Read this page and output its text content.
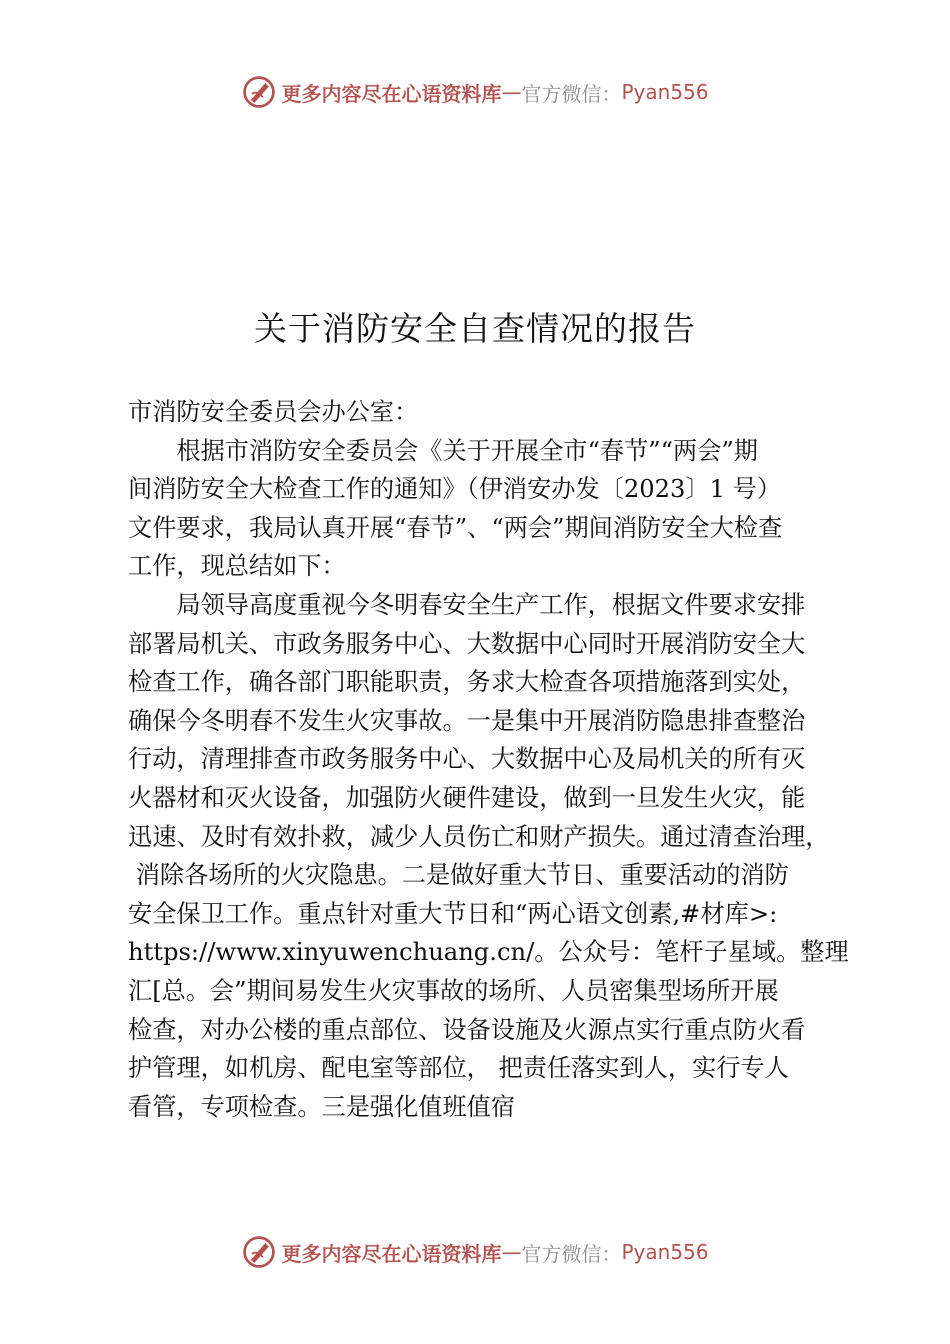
更多内容尽在心语资料库 — 官方微信： Pyan556
关于消防安全自查情况的报告
市消防安全委员会办公室：
　　根据市消防安全委员会《关于开展全市“春节”“两会”期
间消防安全大检查工作的通知》（伊消安办发〔2023〕1 号）
文件要求，我局认真开展“春节”、“两会”期间消防安全大检查
工作，现总结如下：
　　局领导高度重视今冬明春安全生产工作，根据文件要求安排
部署局机关、市政务服务中心、大数据中心同时开展消防安全大
检查工作，确各部门职能职责，务求大检查各项措施落到实处，
确保今冬明春不发生火灾事故。一是集中开展消防隐患排查整治
行动，清理排查市政务服务中心、大数据中心及局机关的所有灭
火器材和灭火设备，加强防火硬件建设，做到一旦发生火灾，能
迅速、及时有效扑救，减少人员伤亡和财产损失。通过清查治理，
消除各场所的火灾隐患。二是做好重大节日、重要活动的消防
安全保卫工作。重点针对重大节日和“两心语文创素,#材库>:
https://www.xinyuwenchuang.cn/。公众号：笔杆子星域。整理
汇[总。会”期间易发生火灾事故的场所、人员密集型场所开展
检查，对办公楼的重点部位、设备设施及火源点实行重点防火看
护管理，如机房、配电室等部位， 把责任落实到人，实行专人
看管，专项检查。三是强化值班值宿
更多内容尽在心语资料库 — 官方微信： Pyan556
